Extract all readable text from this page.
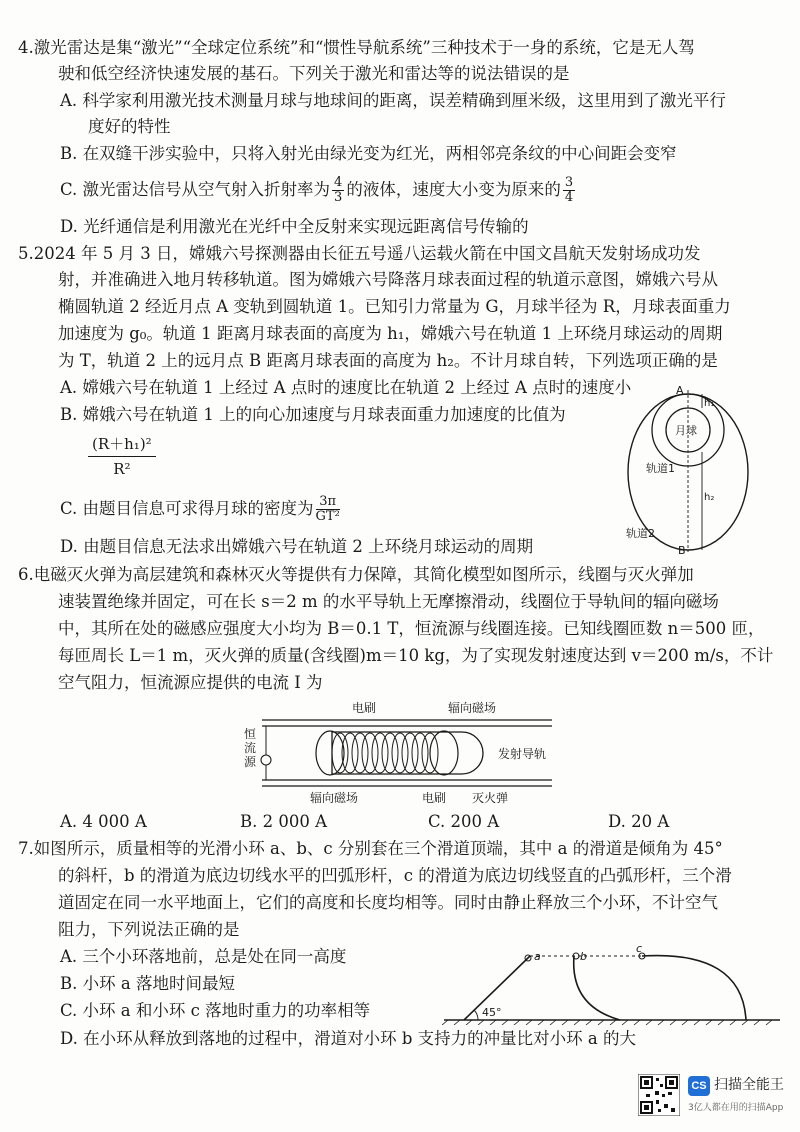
4.激光雷达是集“激光”“全球定位系统”和“惯性导航系统”三种技术于一身的系统，它是无人驾
驶和低空经济快速发展的基石。下列关于激光和雷达等的说法错误的是
A. 科学家利用激光技术测量月球与地球间的距离，误差精确到厘米级，这里用到了激光平行
度好的特性
B. 在双缝干涉实验中，只将入射光由绿光变为红光，两相邻亮条纹的中心间距会变窄
C. 激光雷达信号从空气射入折射率为 $\frac{4}{3}$ 的液体，速度大小变为原来的 $\frac{3}{4}$
D. 光纤通信是利用激光在光纤中全反射来实现远距离信号传输的
5.2024 年 5 月 3 日，嫦娥六号探测器由长征五号遥八运载火箭在中国文昌航天发射场成功发
射，并准确进入地月转移轨道。图为嫦娥六号降落月球表面过程的轨道示意图，嫦娥六号从
椭圆轨道 2 经近月点 A 变轨到圆轨道 1。已知引力常量为 G，月球半径为 R，月球表面重力
加速度为 g₀。轨道 1 距离月球表面的高度为 h₁，嫦娥六号在轨道 1 上环绕月球运动的周期
为 T，轨道 2 上的远月点 B 距离月球表面的高度为 h₂。不计月球自转，下列选项正确的是
A. 嫦娥六号在轨道 1 上经过 A 点时的速度比在轨道 2 上经过 A 点时的速度小
B. 嫦娥六号在轨道 1 上的向心加速度与月球表面重力加速度的比值为
$\frac{\text{(R＋h₁)²}}{\text{R²}}$
C. 由题目信息可求得月球的密度为 $\frac{3\pi}{\text{GT²}}$
D. 由题目信息无法求出嫦娥六号在轨道 2 上环绕月球运动的周期
A
B
h₁
h₂
月球
轨道1
轨道2
6.电磁灭火弹为高层建筑和森林灭火等提供有力保障，其简化模型如图所示，线圈与灭火弹加
速装置绝缘并固定，可在长 s＝2 m 的水平导轨上无摩擦滑动，线圈位于导轨间的辐向磁场
中，其所在处的磁感应强度大小均为 B＝0.1 T，恒流源与线圈连接。已知线圈匝数 n＝500 匝，
每匝周长 L＝1 m，灭火弹的质量(含线圈)m＝10 kg，为了实现发射速度达到 v＝200 m/s，不计
空气阻力，恒流源应提供的电流 I 为
恒
流
源
电刷	辐向磁场
发射导轨
辐向磁场	电刷 灭火弹
A. 4 000 A	B. 2 000 A	C. 200 A	D. 20 A
7.如图所示，质量相等的光滑小环 a、b、c 分别套在三个滑道顶端，其中 a 的滑道是倾角为 45°
的斜杆，b 的滑道为底边切线水平的凹弧形杆，c 的滑道为底边切线竖直的凸弧形杆，三个滑
道固定在同一水平地面上，它们的高度和长度均相等。同时由静止释放三个小环，不计空气
阻力，下列说法正确的是
A. 三个小环落地前，总是处在同一高度
B. 小环 a 落地时间最短
C. 小环 a 和小环 c 落地时重力的功率相等
D. 在小环从释放到落地的过程中，滑道对小环 b 支持力的冲量比对小环 a 的大
a	b
c
45°
CS 扫描全能王
3亿人都在用的扫描App
